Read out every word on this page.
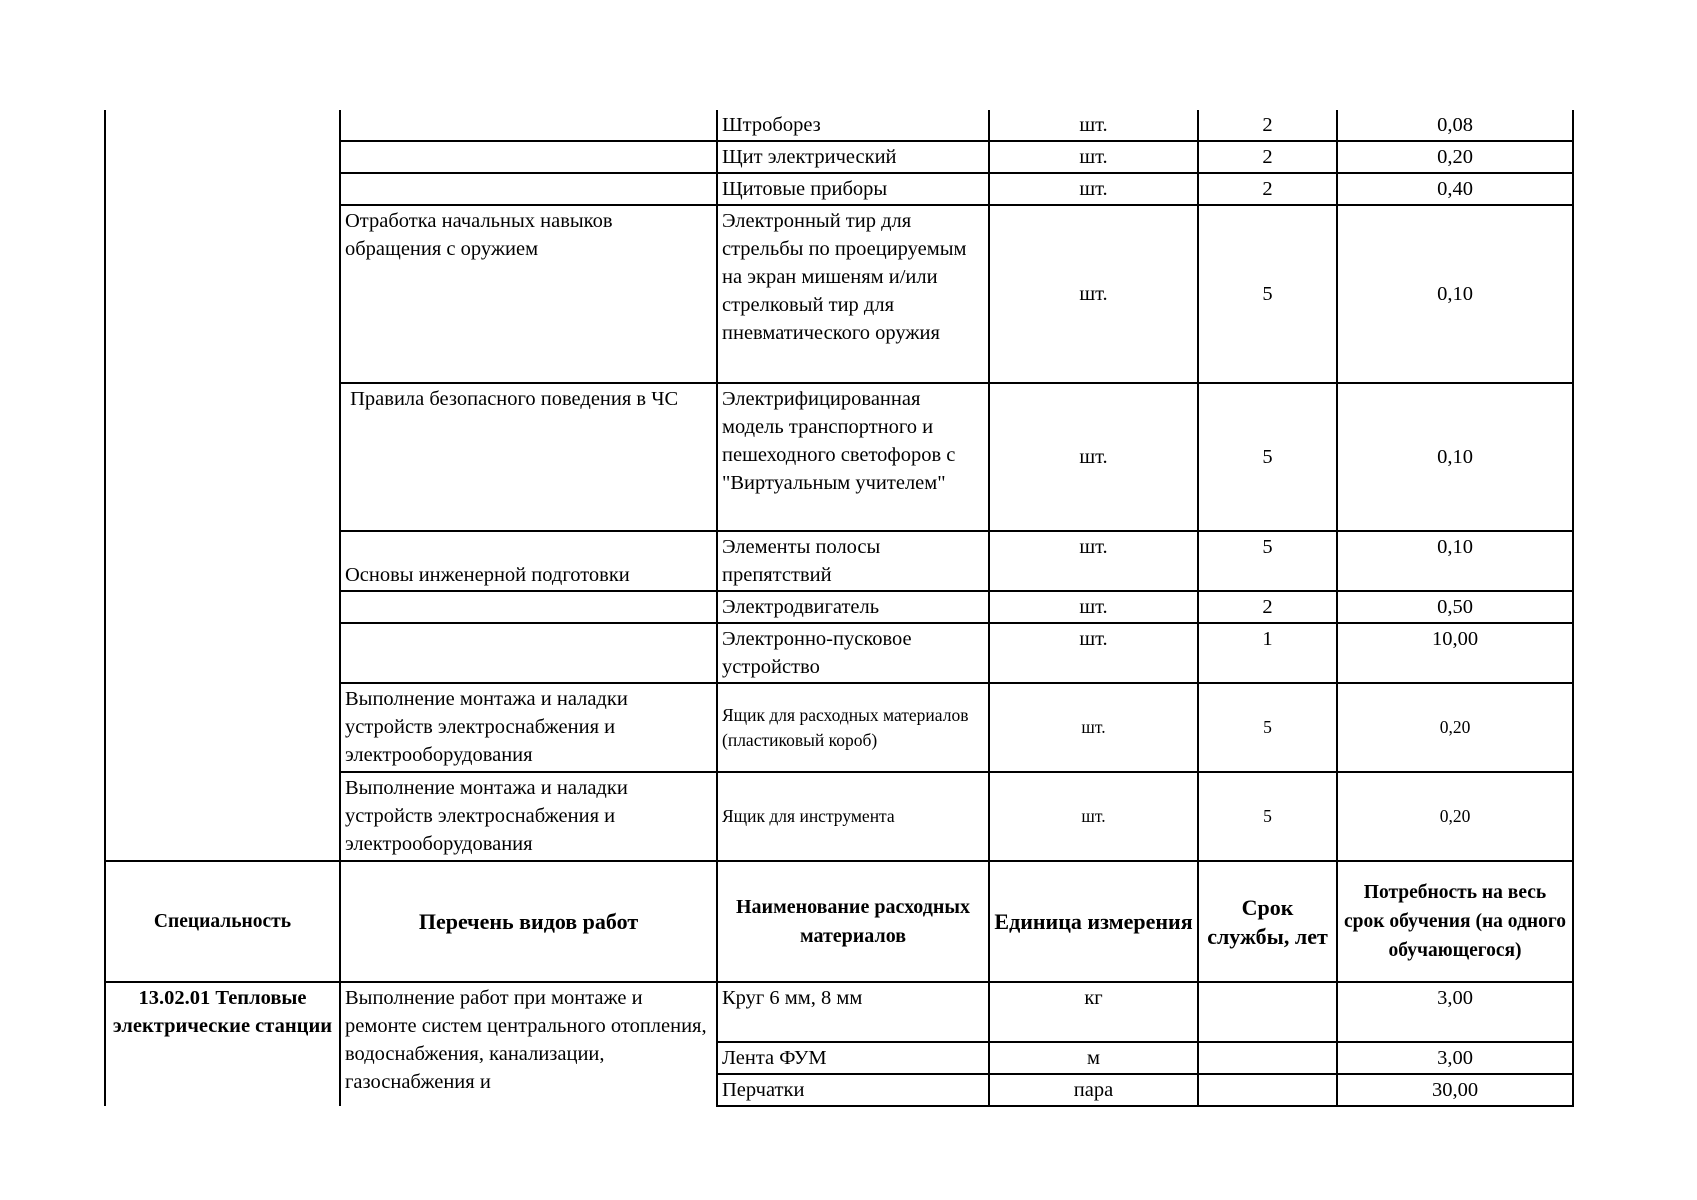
		Штроборез	шт.	2	0,08
		Щит электрический	шт.	2	0,20
		Щитовые приборы	шт.	2	0,40
	Отработка начальных навыков обращения с оружием	Электронный тир для стрельбы по проецируемым на экран мишеням и/или стрелковый тир для пневматического оружия	шт.	5	0,10
	Правила безопасного поведения в ЧС	Электрифицированная модель транспортного и пешеходного светофоров с "Виртуальным учителем"	шт.	5	0,10
	Основы инженерной подготовки	Элементы полосы препятствий	шт.	5	0,10
		Электродвигатель	шт.	2	0,50
		Электронно-пусковое устройство	шт.	1	10,00
	Выполнение монтажа и наладки устройств электроснабжения и электрооборудования	Ящик для расходных материалов (пластиковый короб)	шт.	5	0,20
	Выполнение монтажа и наладки устройств электроснабжения и электрооборудования	Ящик для инструмента	шт.	5	0,20
Специальность	Перечень видов работ	Наименование расходных материалов	Единица измерения	Срок службы, лет	Потребность на весь срок обучения (на одного обучающегося)
13.02.01 Тепловые электрические станции	Выполнение работ при монтаже и ремонте систем центрального отопления, водоснабжения, канализации, газоснабжения и	Круг 6 мм, 8 мм	кг		3,00
		Лента ФУМ	м		3,00
		Перчатки	пара		30,00
